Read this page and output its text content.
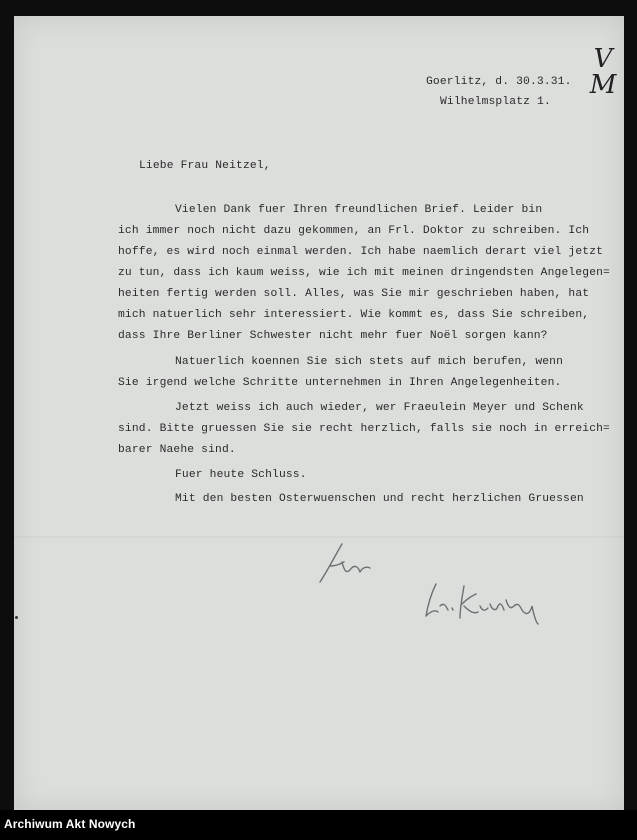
V
M
Goerlitz, d. 30.3.31.
Wilhelmsplatz 1.
Liebe Frau Neitzel,
Vielen Dank fuer Ihren freundlichen Brief. Leider bin
ich immer noch nicht dazu gekommen, an Frl. Doktor zu schreiben. Ich
hoffe, es wird noch einmal werden. Ich habe naemlich derart viel jetzt
zu tun, dass ich kaum weiss, wie ich mit meinen dringendsten Angelegen=
heiten fertig werden soll. Alles, was Sie mir geschrieben haben, hat
mich natuerlich sehr interessiert. Wie kommt es, dass Sie schreiben,
dass Ihre Berliner Schwester nicht mehr fuer Noël sorgen kann?
Natuerlich koennen Sie sich stets auf mich berufen, wenn
Sie irgend welche Schritte unternehmen in Ihren Angelegenheiten.
Jetzt weiss ich auch wieder, wer Fraeulein Meyer und Schenk
sind. Bitte gruessen Sie sie recht herzlich, falls sie noch in erreich=
barer Naehe sind.
Fuer heute Schluss.
Mit den besten Osterwuenschen und recht herzlichen Gruessen
Archiwum Akt Nowych
